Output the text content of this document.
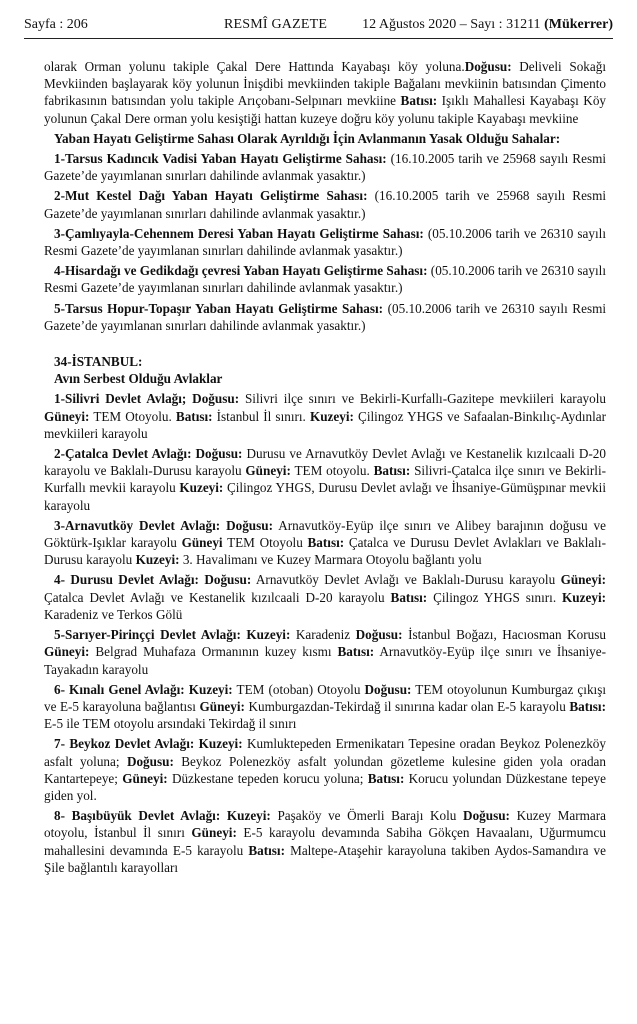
Sayfa : 206	RESMÎ GAZETE	12 Ağustos 2020 – Sayı : 31211 (Mükerrer)

olarak Orman yolunu takiple Çakal Dere Hattında Kayabaşı köy yoluna.Doğusu: Deliveli Sokağı Mevkiinden başlayarak köy yolunun İnişdibi mevkiinden takiple Bağalanı mevkiinin batısından Çimento fabrikasının batısından yolu takiple Arıçobanı-Selpınarı mevkiine Batısı: Işıklı Mahallesi Kayabaşı Köy yolunun Çakal Dere orman yolu kesiştiği hattan kuzeye doğru köy yolunu takiple Kayabaşı mevkiine

Yaban Hayatı Geliştirme Sahası Olarak Ayrıldığı İçin Avlanmanın Yasak Olduğu Sahalar:

1-Tarsus Kadıncık Vadisi Yaban Hayatı Geliştirme Sahası: (16.10.2005 tarih ve 25968 sayılı Resmi Gazete’de yayımlanan sınırları dahilinde avlanmak yasaktır.)

2-Mut Kestel Dağı Yaban Hayatı Geliştirme Sahası: (16.10.2005 tarih ve 25968 sayılı Resmi Gazete’de yayımlanan sınırları dahilinde avlanmak yasaktır.)

3-Çamlıyayla-Cehennem Deresi Yaban Hayatı Geliştirme Sahası: (05.10.2006 tarih ve 26310 sayılı Resmi Gazete’de yayımlanan sınırları dahilinde avlanmak yasaktır.)

4-Hisardağı ve Gedikdağı çevresi Yaban Hayatı Geliştirme Sahası: (05.10.2006 tarih ve 26310 sayılı Resmi Gazete’de yayımlanan sınırları dahilinde avlanmak yasaktır.)

5-Tarsus Hopur-Topaşır Yaban Hayatı Geliştirme Sahası: (05.10.2006 tarih ve 26310 sayılı Resmi Gazete’de yayımlanan sınırları dahilinde avlanmak yasaktır.)

34-İSTANBUL:

Avın Serbest Olduğu Avlaklar

1-Silivri Devlet Avlağı; Doğusu: Silivri ilçe sınırı ve Bekirli-Kurfallı-Gazitepe mevkiileri karayolu Güneyi: TEM Otoyolu. Batısı: İstanbul İl sınırı. Kuzeyi: Çilingoz YHGS ve Safaalan-Binkılıç-Aydınlar mevkiileri karayolu

2-Çatalca Devlet Avlağı: Doğusu: Durusu ve Arnavutköy Devlet Avlağı ve Kestanelik kızılcaali D-20 karayolu ve Baklalı-Durusu karayolu Güneyi: TEM otoyolu. Batısı: Silivri-Çatalca ilçe sınırı ve Bekirli-Kurfallı mevkii karayolu Kuzeyi: Çilingoz YHGS, Durusu Devlet avlağı ve İhsaniye-Gümüşpınar mevkii karayolu

3-Arnavutköy Devlet Avlağı: Doğusu: Arnavutköy-Eyüp ilçe sınırı ve Alibey barajının doğusu ve Göktürk-Işıklar karayolu Güneyi TEM Otoyolu Batısı: Çatalca ve Durusu Devlet Avlakları ve Baklalı-Durusu karayolu Kuzeyi: 3. Havalimanı ve Kuzey Marmara Otoyolu bağlantı yolu

4- Durusu Devlet Avlağı: Doğusu: Arnavutköy Devlet Avlağı ve Baklalı-Durusu karayolu Güneyi: Çatalca Devlet Avlağı ve Kestanelik kızılcaali D-20 karayolu Batısı: Çilingoz YHGS sınırı. Kuzeyi: Karadeniz ve Terkos Gölü

5-Sarıyer-Pirinççi Devlet Avlağı: Kuzeyi: Karadeniz Doğusu: İstanbul Boğazı, Hacıosman Korusu Güneyi: Belgrad Muhafaza Ormanının kuzey kısmı Batısı: Arnavutköy-Eyüp ilçe sınırı ve İhsaniye-Tayakadın karayolu

6- Kınalı Genel Avlağı: Kuzeyi: TEM (otoban) Otoyolu Doğusu: TEM otoyolunun Kumburgaz çıkışı ve E-5 karayoluna bağlantısı Güneyi: Kumburgazdan-Tekirdağ il sınırına kadar olan E-5 karayolu Batısı: E-5 ile TEM otoyolu arsındaki Tekirdağ il sınırı

7- Beykoz Devlet Avlağı: Kuzeyi: Kumluktepeden Ermenikatarı Tepesine oradan Beykoz Polenezköy asfalt yoluna; Doğusu: Beykoz Polenezköy asfalt yolundan gözetleme kulesine giden yola oradan Kantartepeye; Güneyi: Düzkestane tepeden korucu yoluna; Batısı: Korucu yolundan Düzkestane tepeye giden yol.

8- Başıbüyük Devlet Avlağı: Kuzeyi: Paşaköy ve Ömerli Barajı Kolu Doğusu: Kuzey Marmara otoyolu, İstanbul İl sınırı Güneyi: E-5 karayolu devamında Sabiha Gökçen Havaalanı, Uğurmumcu mahallesini devamında E-5 karayolu Batısı: Maltepe-Ataşehir karayoluna takiben Aydos-Samandıra ve Şile bağlantılı karayolları
